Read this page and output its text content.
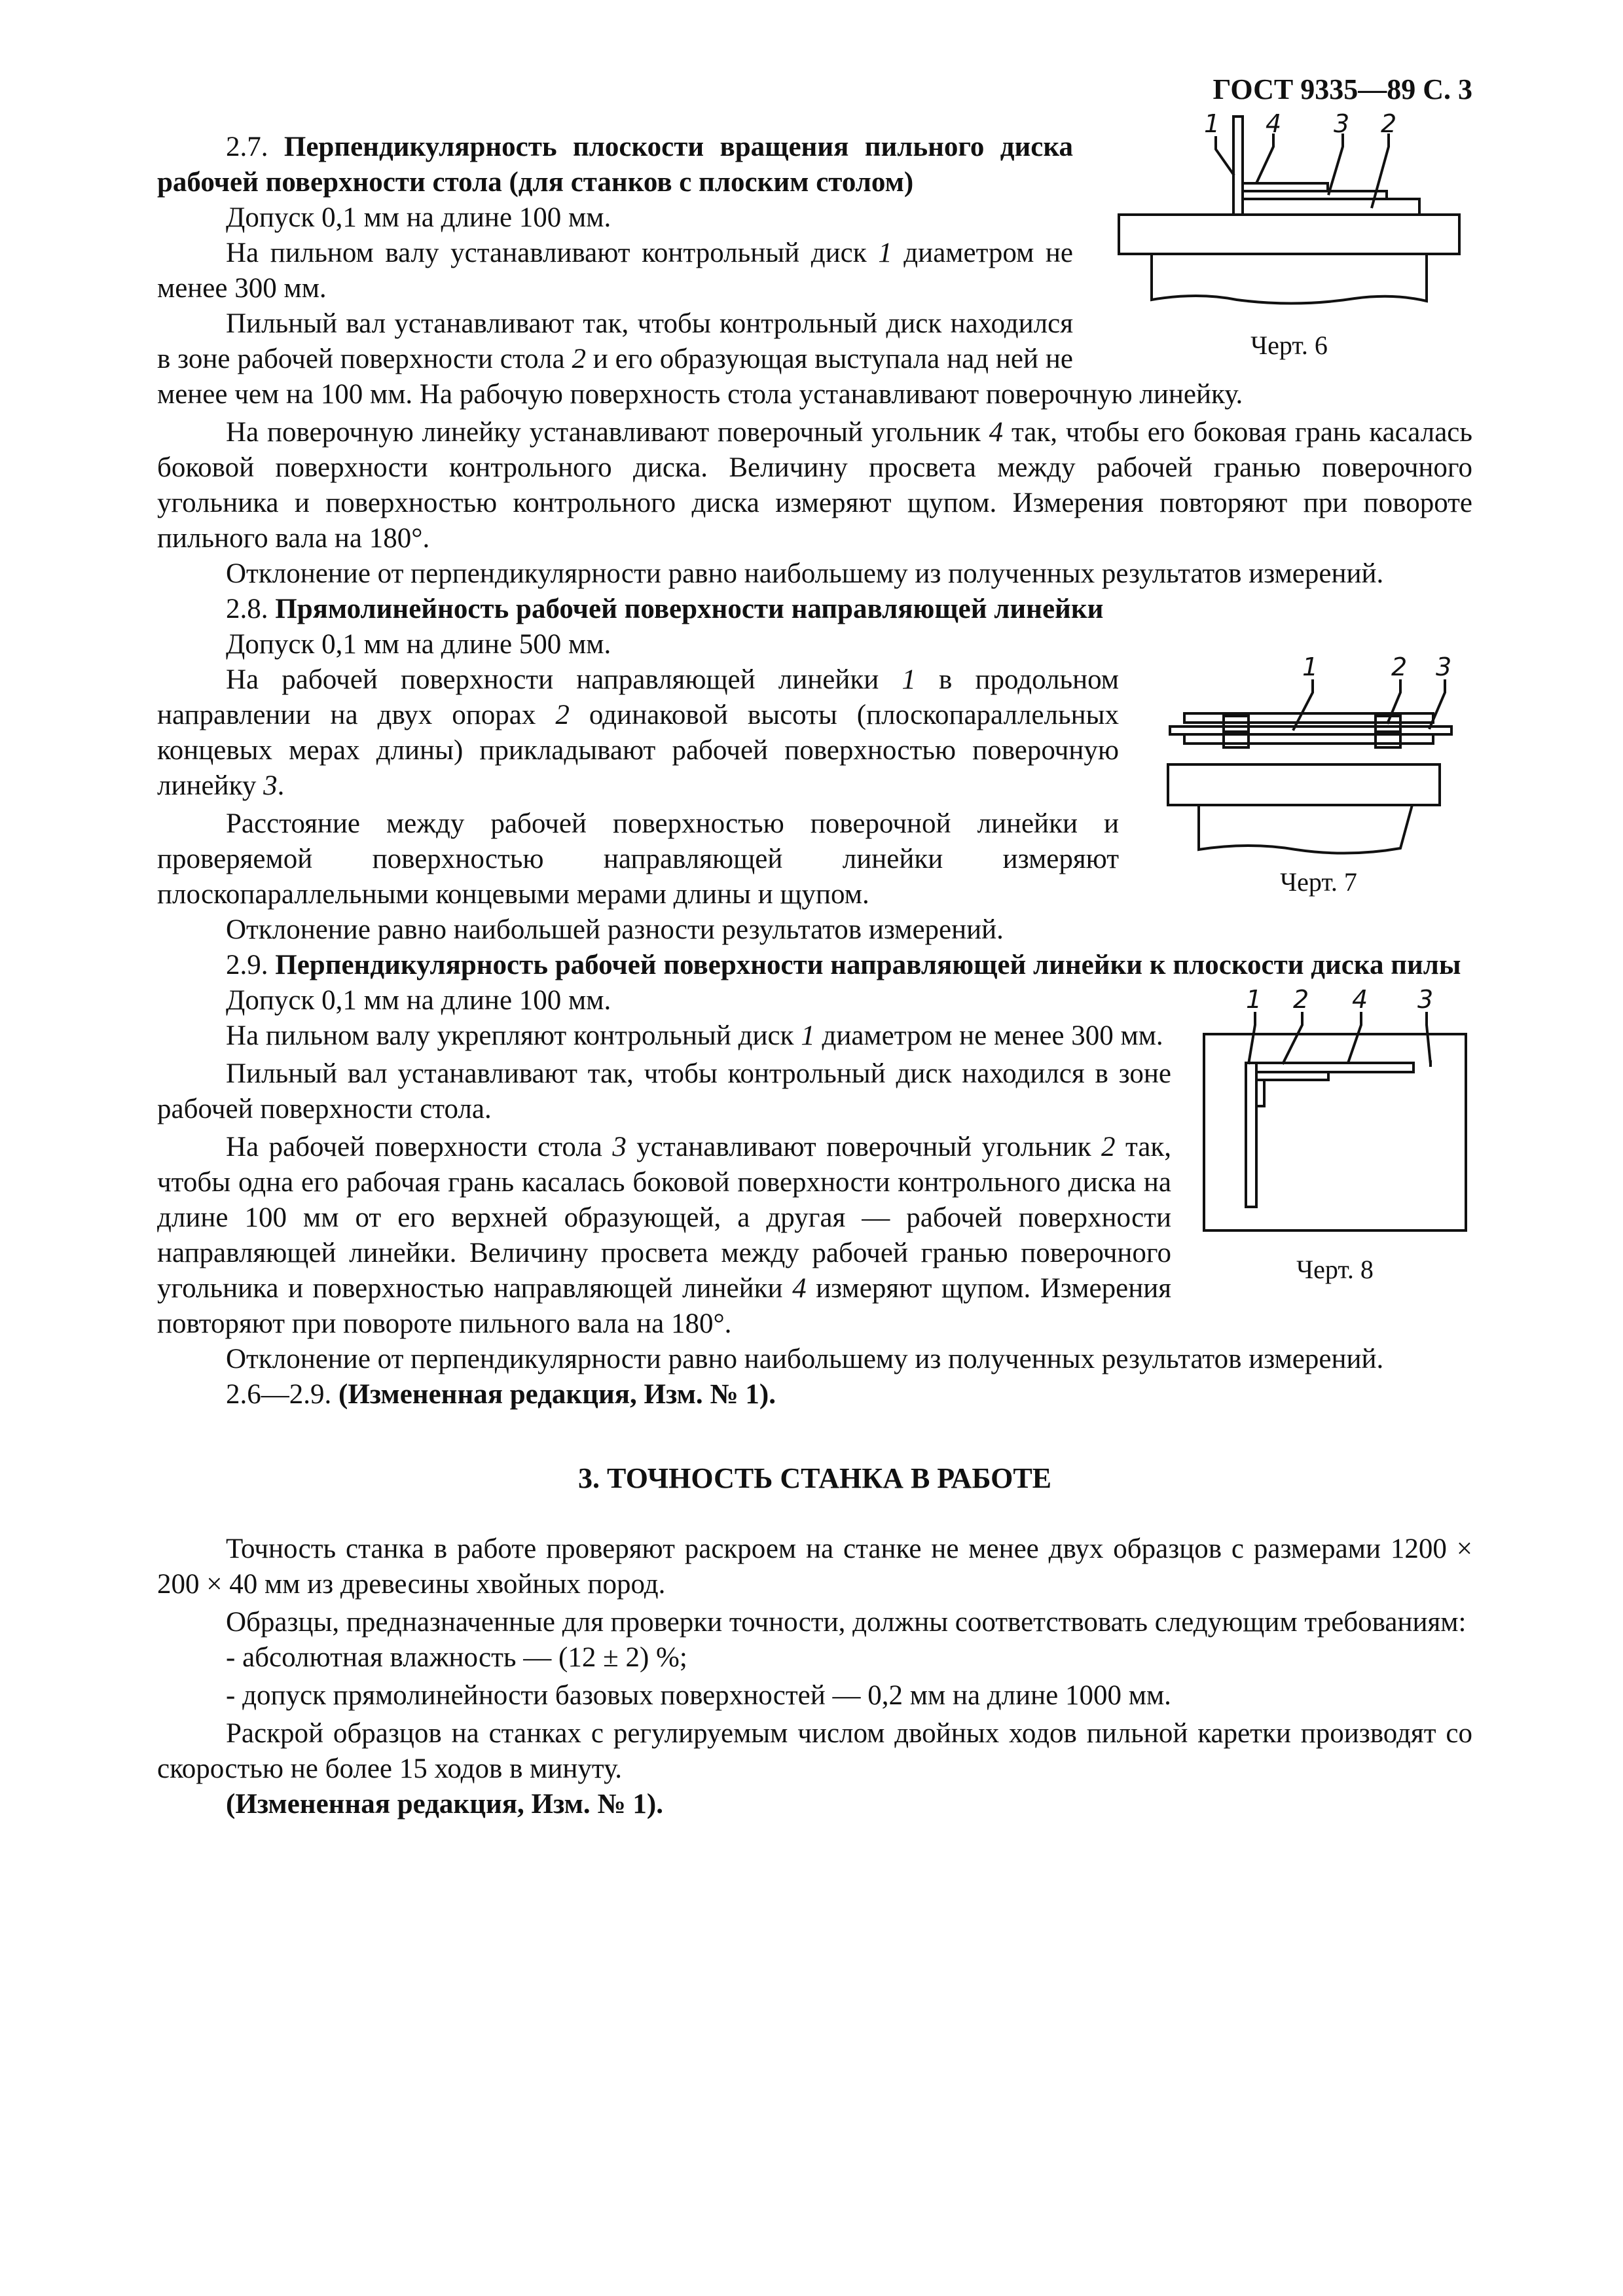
ГОСТ 9335—89 С. 3
1 4 3 2
Черт. 6

2.7. Перпендикулярность плоскости вращения пильного диска рабочей поверхности стола (для станков с плоским столом)

Допуск 0,1 мм на длине 100 мм.

На пильном валу устанавливают контрольный диск 1 диаметром не менее 300 мм.

Пильный вал устанавливают так, чтобы контрольный диск находился в зоне рабочей поверхности стола 2 и его образующая выступала над ней не менее чем на 100 мм. На рабочую поверхность стола устанавливают поверочную линейку.

На поверочную линейку устанавливают поверочный угольник 4 так, чтобы его боковая грань касалась боковой поверхности контрольного диска. Величину просвета между рабочей гранью поверочного угольника и поверхностью контрольного диска измеряют щупом. Измерения повторяют при повороте пильного вала на 180°.

Отклонение от перпендикулярности равно наибольшему из полученных результатов измерений.

2.8. Прямолинейность рабочей поверхности направляющей линейки

Допуск 0,1 мм на длине 500 мм.

1	2 3
Черт. 7

На рабочей поверхности направляющей линейки 1 в продольном направлении на двух опорах 2 одинаковой высоты (плоскопараллельных концевых мерах длины) прикладывают рабочей поверхностью поверочную линейку 3.

Расстояние между рабочей поверхностью поверочной линейки и проверяемой поверхностью направляющей линейки измеряют плоскопараллельными концевыми мерами длины и щупом.

Отклонение равно наибольшей разности результатов измерений.

2.9. Перпендикулярность рабочей поверхности направляющей линейки к плоскости диска пилы

1 2 4 3
Черт. 8

Допуск 0,1 мм на длине 100 мм.

На пильном валу укрепляют контрольный диск 1 диаметром не менее 300 мм.

Пильный вал устанавливают так, чтобы контрольный диск находился в зоне рабочей поверхности стола.

На рабочей поверхности стола 3 устанавливают поверочный угольник 2 так, чтобы одна его рабочая грань касалась боковой поверхности контрольного диска на длине 100 мм от его верхней образующей, а другая — рабочей поверхности направляющей линейки. Величину просвета между рабочей гранью поверочного угольника и поверхностью направляющей линейки 4 измеряют щупом. Измерения повторяют при повороте пильного вала на 180°.

Отклонение от перпендикулярности равно наибольшему из полученных результатов измерений.

2.6—2.9. (Измененная редакция, Изм. № 1).

3. ТОЧНОСТЬ СТАНКА В РАБОТЕ

Точность станка в работе проверяют раскроем на станке не менее двух образцов с размерами 1200 × 200 × 40 мм из древесины хвойных пород.

Образцы, предназначенные для проверки точности, должны соответствовать следующим требованиям:

- абсолютная влажность — (12 ± 2) %;

- допуск прямолинейности базовых поверхностей — 0,2 мм на длине 1000 мм.

Раскрой образцов на станках с регулируемым числом двойных ходов пильной каретки производят со скоростью не более 15 ходов в минуту.

(Измененная редакция, Изм. № 1).
